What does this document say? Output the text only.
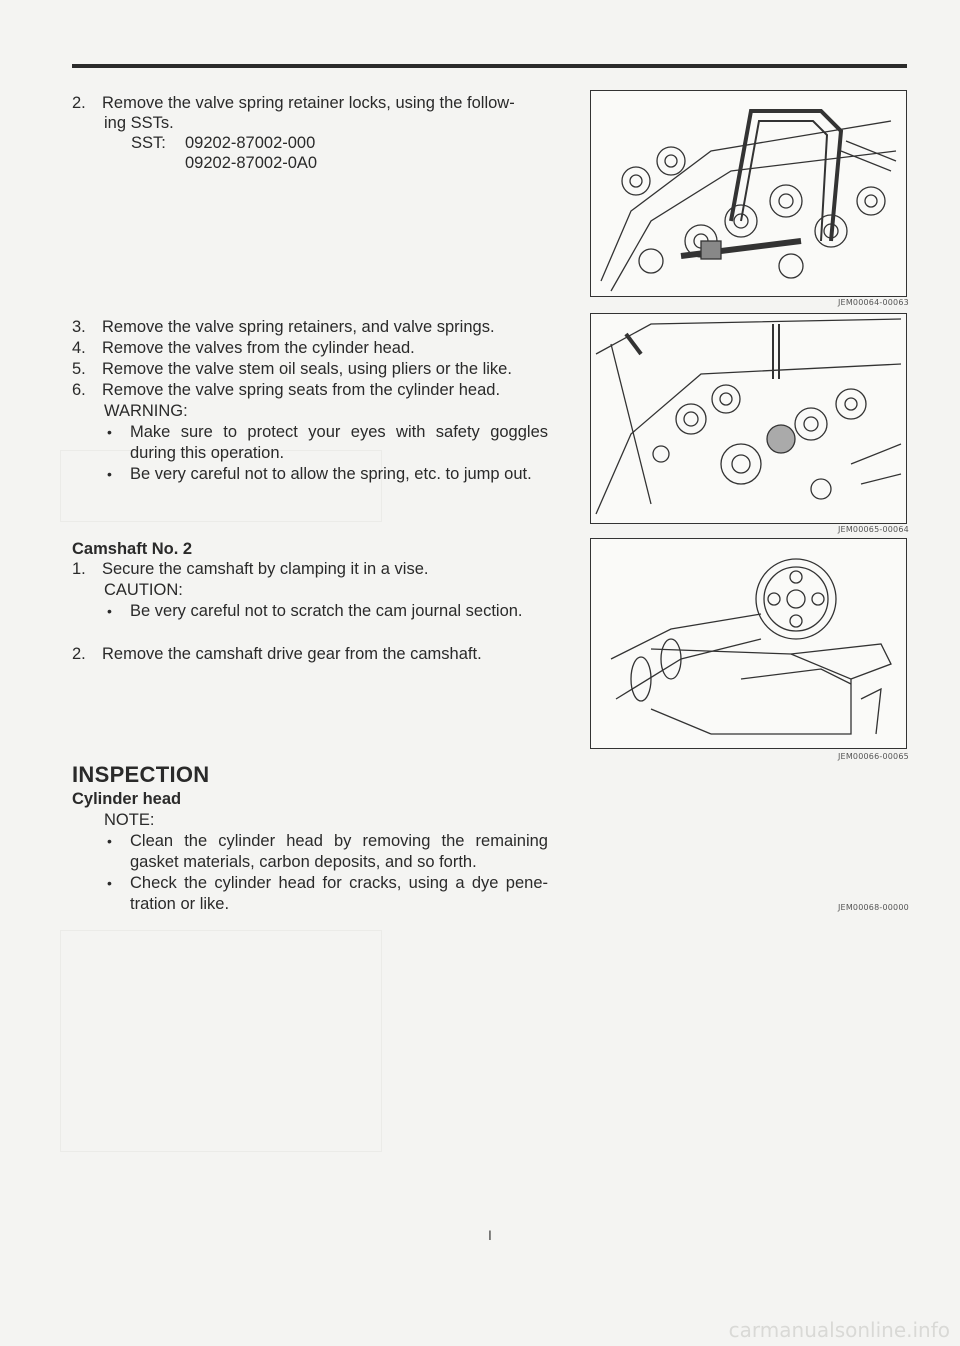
2. Remove the valve spring retainer locks, using the follow-
ing SSTs.
SST: 09202-87002-000
09202-87002-0A0
3. Remove the valve spring retainers, and valve springs.
4. Remove the valves from the cylinder head.
5. Remove the valve stem oil seals, using pliers or the like.
6. Remove the valve spring seats from the cylinder head.
WARNING:
• Make sure to protect your eyes with safety goggles
during this operation.
• Be very careful not to allow the spring, etc. to jump out.
Camshaft No. 2
1. Secure the camshaft by clamping it in a vise.
CAUTION:
• Be very careful not to scratch the cam journal section.
2. Remove the camshaft drive gear from the camshaft.
INSPECTION
Cylinder head
NOTE:
• Clean the cylinder head by removing the remaining
gasket materials, carbon deposits, and so forth.
• Check the cylinder head for cracks, using a dye pene-
tration or like.
JEM00064-00063
JEM00065-00064
JEM00066-00065
JEM00068-00000
I
carmanualsonline.info
